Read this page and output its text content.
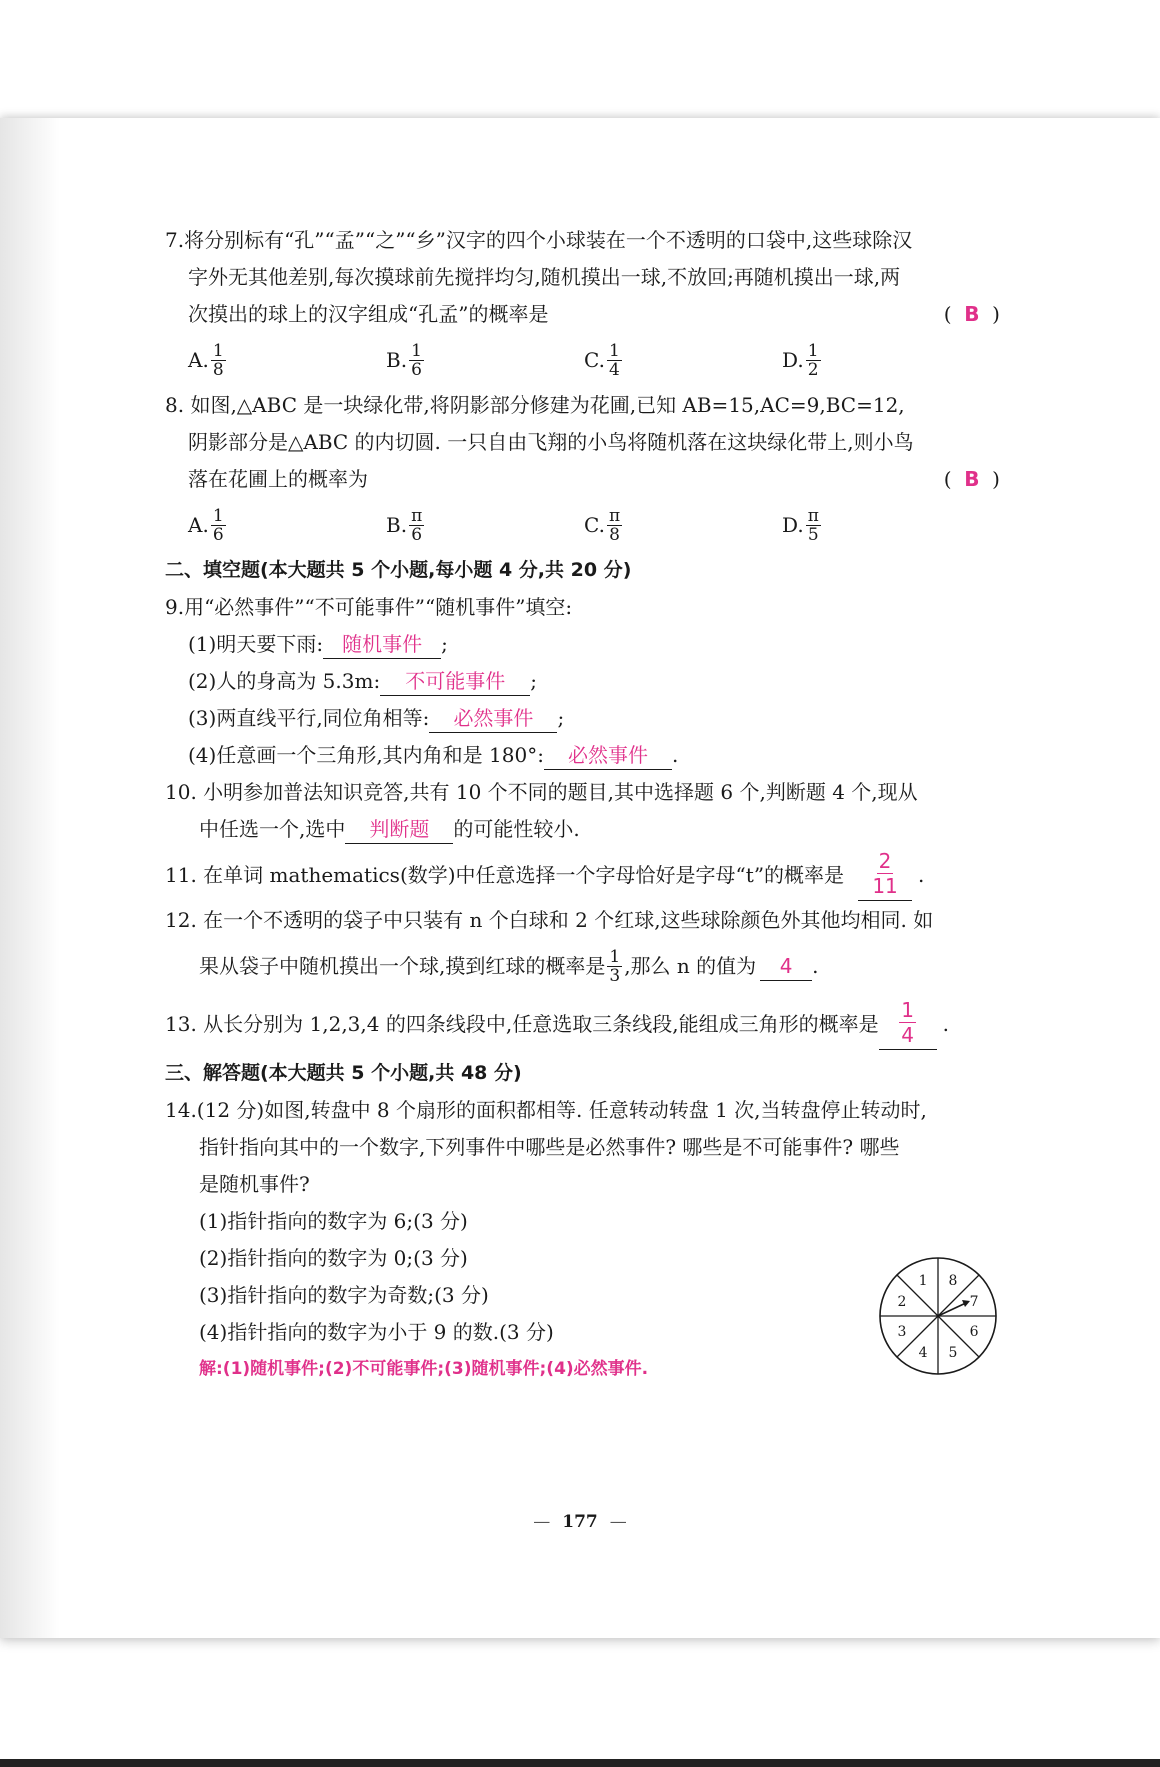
7.将分别标有“孔”“孟”“之”“乡”汉字的四个小球装在一个不透明的口袋中,这些球除汉
字外无其他差别,每次摸球前先搅拌均匀,随机摸出一球,不放回;再随机摸出一球,两
次摸出的球上的汉字组成“孔孟”的概率是	(  B  )
A. $\frac{1}{8}$	B. $\frac{1}{6}$	C. $\frac{1}{4}$	D. $\frac{1}{2}$
8. 如图,△ABC 是一块绿化带,将阴影部分修建为花圃,已知 AB=15,AC=9,BC=12,
阴影部分是△ABC 的内切圆. 一只自由飞翔的小鸟将随机落在这块绿化带上,则小鸟
落在花圃上的概率为	(  B  )
A. $\frac{1}{6}$	B. $\frac{\pi}{6}$	C. $\frac{\pi}{8}$	D. $\frac{\pi}{5}$
二、填空题(本大题共 5 个小题,每小题 4 分,共 20 分)
9.用“必然事件”“不可能事件”“随机事件”填空:
(1)明天要下雨: 随机事件 ;
(2)人的身高为 5.3m: 不可能事件 ;
(3)两直线平行,同位角相等: 必然事件 ;
(4)任意画一个三角形,其内角和是 180°: 必然事件 .
10. 小明参加普法知识竞答,共有 10 个不同的题目,其中选择题 6 个,判断题 4 个,现从
中任选一个,选中 判断题 的可能性较小.
11. 在单词 mathematics(数学)中任意选择一个字母恰好是字母“t”的概率是 $\frac{2}{11}$ .
12. 在一个不透明的袋子中只装有 n 个白球和 2 个红球,这些球除颜色外其他均相同. 如
果从袋子中随机摸出一个球,摸到红球的概率是 $\frac{1}{3}$ ,那么 n 的值为	4 .
13. 从长分别为 1,2,3,4 的四条线段中,任意选取三条线段,能组成三角形的概率是 $\frac{1}{4}$ .
三、解答题(本大题共 5 个小题,共 48 分)
14.(12 分)如图,转盘中 8 个扇形的面积都相等. 任意转动转盘 1 次,当转盘停止转动时,
指针指向其中的一个数字,下列事件中哪些是必然事件? 哪些是不可能事件? 哪些
是随机事件?
(1)指针指向的数字为 6;(3 分)
(2)指针指向的数字为 0;(3 分)
(3)指针指向的数字为奇数;(3 分)
(4)指针指向的数字为小于 9 的数.(3 分)
解:(1)随机事件;(2)不可能事件;(3)随机事件;(4)必然事件.
1 8
7
6
5
4
3
2
— 177 —
